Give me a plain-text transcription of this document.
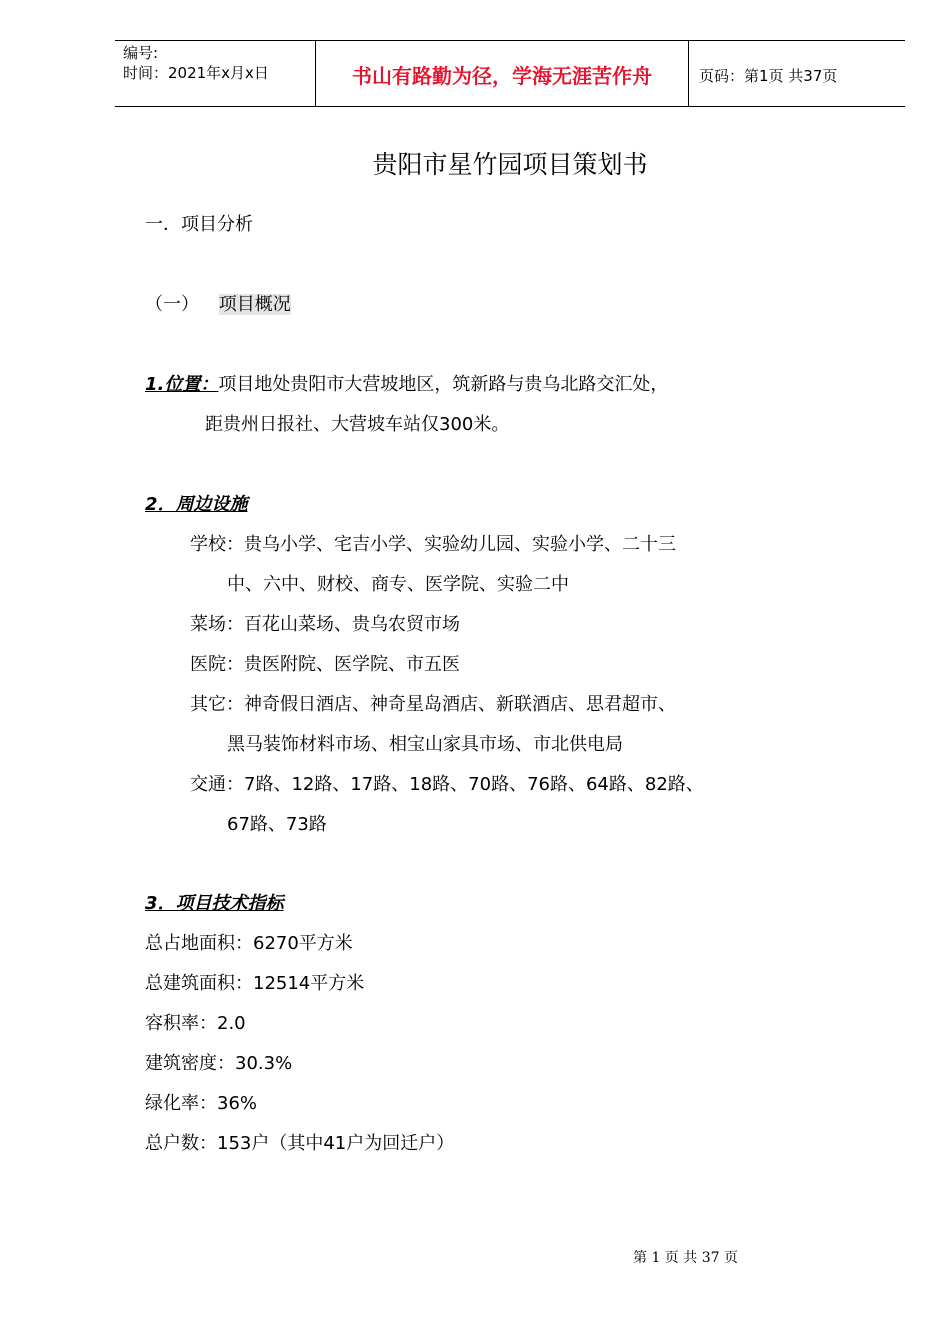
编号:
时间：2021年x月x日	书山有路勤为径，学海无涯苦作舟	页码：第1页 共37页
贵阳市星竹园项目策划书
一．项目分析
（一） 项目概况
1.位置：项目地处贵阳市大营坡地区，筑新路与贵乌北路交汇处，
距贵州日报社、大营坡车站仅300米。
2．周边设施
学校：贵乌小学、宅吉小学、实验幼儿园、实验小学、二十三
中、六中、财校、商专、医学院、实验二中
菜场：百花山菜场、贵乌农贸市场
医院：贵医附院、医学院、市五医
其它：神奇假日酒店、神奇星岛酒店、新联酒店、思君超市、
黑马装饰材料市场、相宝山家具市场、市北供电局
交通：7路、12路、17路、18路、70路、76路、64路、82路、
67路、73路
3．项目技术指标
总占地面积：6270平方米
总建筑面积：12514平方米
容积率：2.0
建筑密度：30.3%
绿化率：36%
总户数：153户（其中41户为回迁户）
第 1 页 共 37 页
